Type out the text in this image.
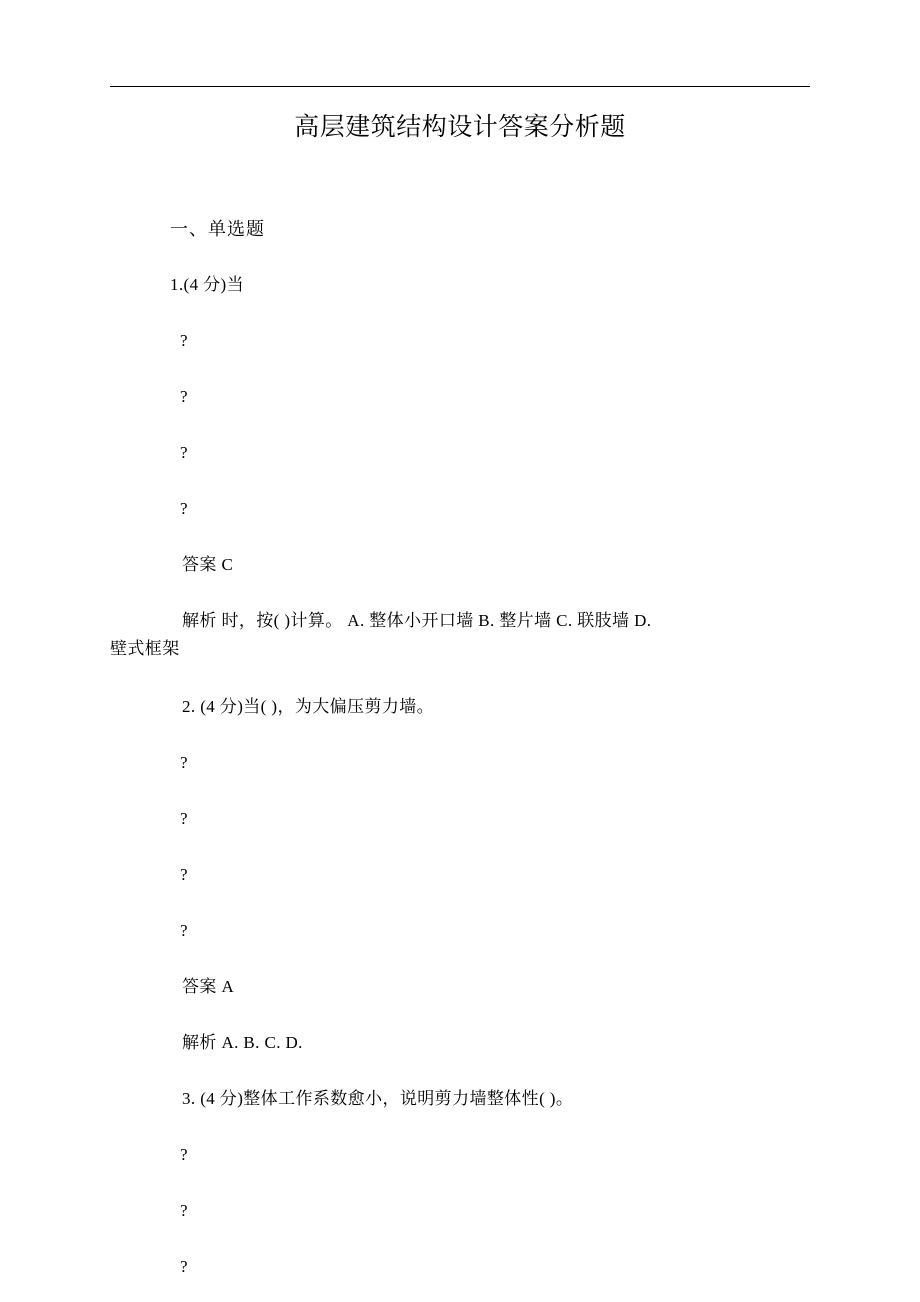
高层建筑结构设计答案分析题
一、单选题
1.(4 分)当
?
?
?
?
答案 C
解析 时，按( )计算。 A. 整体小开口墙 B. 整片墙 C. 联肢墙 D.
壁式框架
2. (4 分)当( )，为大偏压剪力墙。
?
?
?
?
答案 A
解析 A. B. C. D.
3. (4 分)整体工作系数愈小，说明剪力墙整体性( )。
?
?
?
